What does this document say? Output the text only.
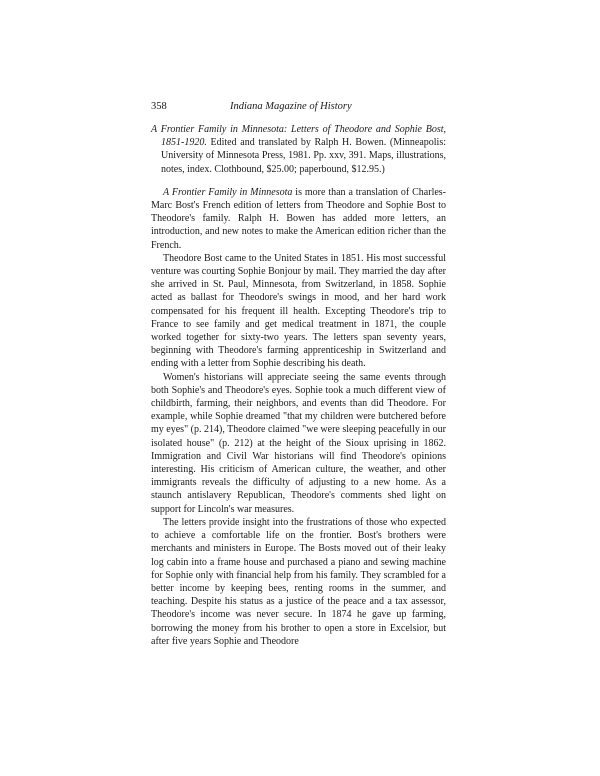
358	Indiana Magazine of History

A Frontier Family in Minnesota: Letters of Theodore and Sophie Bost, 1851-1920. Edited and translated by Ralph H. Bowen. (Minneapolis: University of Minnesota Press, 1981. Pp. xxv, 391. Maps, illustrations, notes, index. Clothbound, $25.00; paperbound, $12.95.)

A Frontier Family in Minnesota is more than a translation of Charles-Marc Bost's French edition of letters from Theodore and Sophie Bost to Theodore's family. Ralph H. Bowen has added more letters, an introduction, and new notes to make the American edition richer than the French.

Theodore Bost came to the United States in 1851. His most successful venture was courting Sophie Bonjour by mail. They married the day after she arrived in St. Paul, Minnesota, from Switzerland, in 1858. Sophie acted as ballast for Theodore's swings in mood, and her hard work compensated for his frequent ill health. Excepting Theodore's trip to France to see family and get medical treatment in 1871, the couple worked together for sixty-two years. The letters span seventy years, beginning with Theodore's farming apprenticeship in Switzerland and ending with a letter from Sophie describing his death.

Women's historians will appreciate seeing the same events through both Sophie's and Theodore's eyes. Sophie took a much different view of childbirth, farming, their neighbors, and events than did Theodore. For example, while Sophie dreamed "that my children were butchered before my eyes" (p. 214), Theodore claimed "we were sleeping peacefully in our isolated house" (p. 212) at the height of the Sioux uprising in 1862. Immigration and Civil War historians will find Theodore's opinions interesting. His criticism of American culture, the weather, and other immigrants reveals the difficulty of adjusting to a new home. As a staunch antislavery Republican, Theodore's comments shed light on support for Lincoln's war measures.

The letters provide insight into the frustrations of those who expected to achieve a comfortable life on the frontier. Bost's brothers were merchants and ministers in Europe. The Bosts moved out of their leaky log cabin into a frame house and purchased a piano and sewing machine for Sophie only with financial help from his family. They scrambled for a better income by keeping bees, renting rooms in the summer, and teaching. Despite his status as a justice of the peace and a tax assessor, Theodore's income was never secure. In 1874 he gave up farming, borrowing the money from his brother to open a store in Excelsior, but after five years Sophie and Theodore
